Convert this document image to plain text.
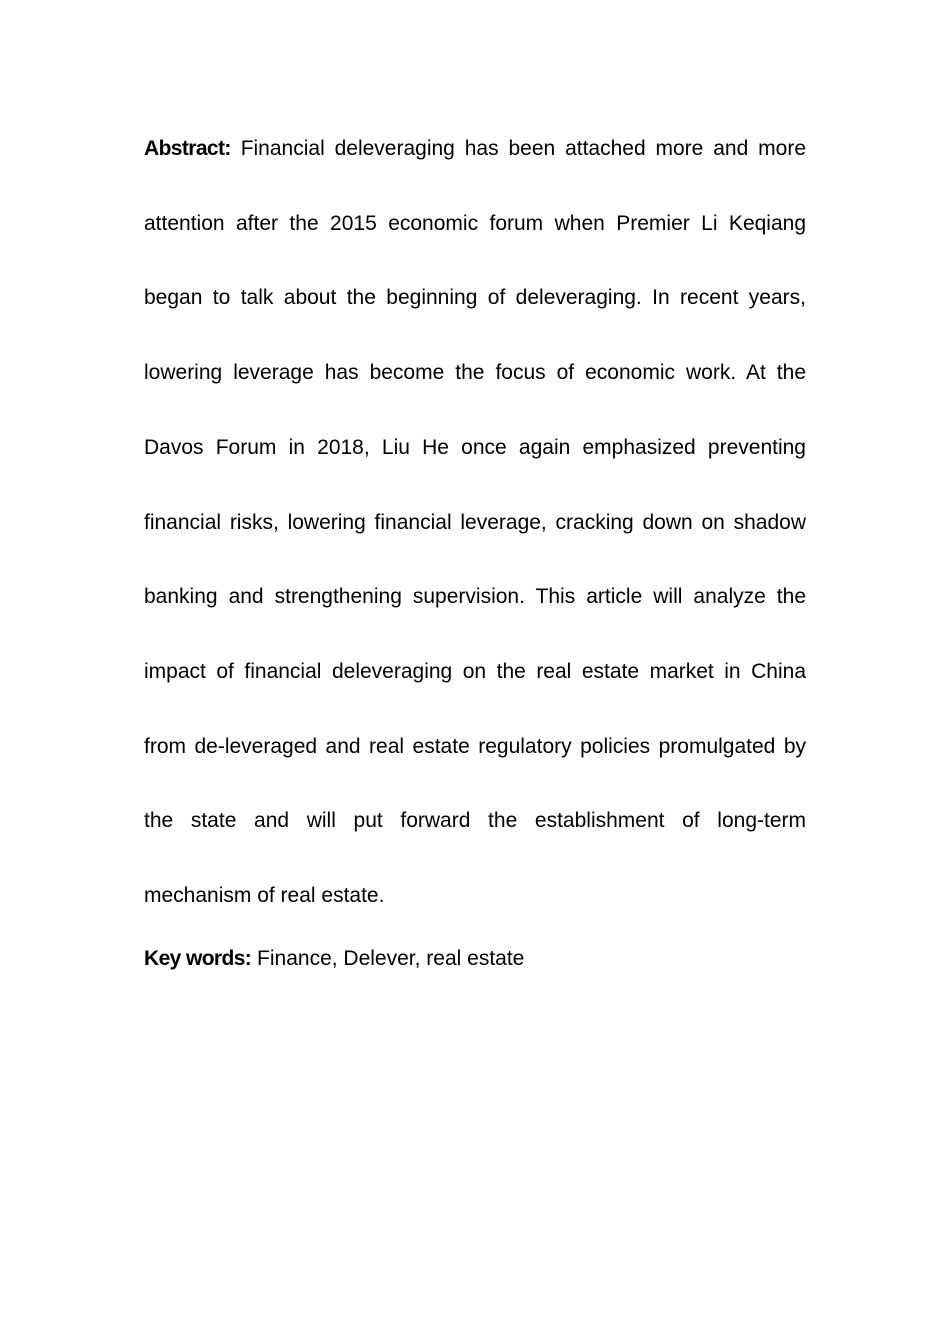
Abstract: Financial deleveraging has been attached more and more attention after the 2015 economic forum when Premier Li Keqiang began to talk about the beginning of deleveraging. In recent years, lowering leverage has become the focus of economic work. At the Davos Forum in 2018, Liu He once again emphasized preventing financial risks, lowering financial leverage, cracking down on shadow banking and strengthening supervision. This article will analyze the impact of financial deleveraging on the real estate market in China from de-leveraged and real estate regulatory policies promulgated by the state and will put forward the establishment of long-term mechanism of real estate.

Key words: Finance, Delever, real estate
